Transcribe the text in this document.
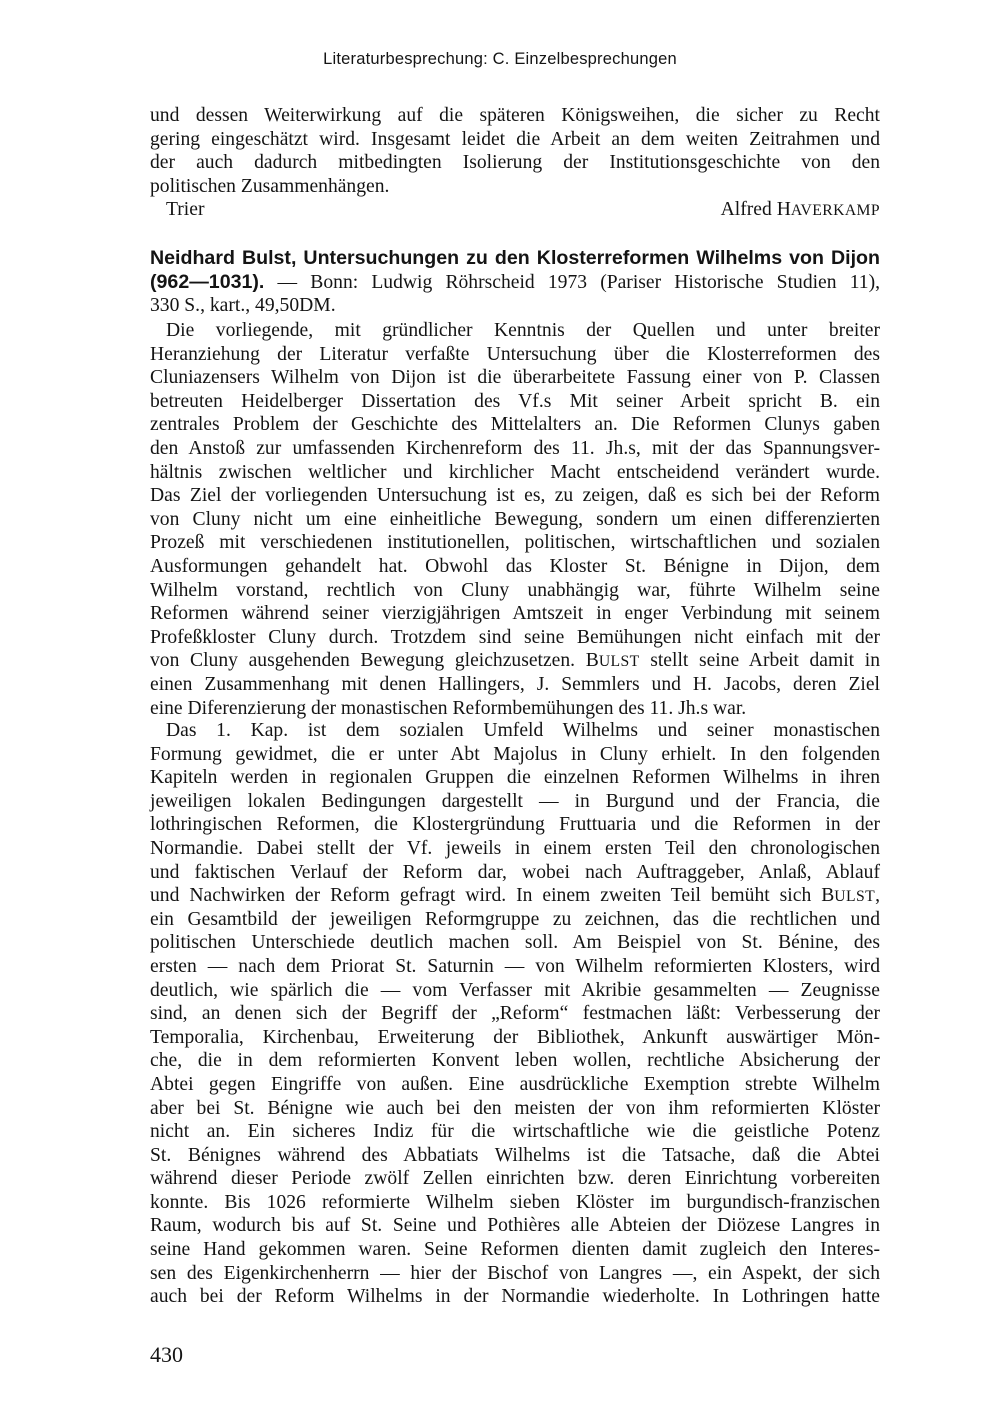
Literaturbesprechung: C. Einzelbesprechungen
und dessen Weiterwirkung auf die späteren Königsweihen, die sicher zu Recht
gering eingeschätzt wird. Insgesamt leidet die Arbeit an dem weiten Zeitrahmen und
der auch dadurch mitbedingten Isolierung der Institutionsgeschichte von den
politischen Zusammenhängen.
Trier	Alfred HAVERKAMP
Neidhard Bulst, Untersuchungen zu den Klosterreformen Wilhelms von Dijon
(962—1031). — Bonn: Ludwig Röhrscheid 1973 (Pariser Historische Studien 11),
330 S., kart., 49,50DM.
Die vorliegende, mit gründlicher Kenntnis der Quellen und unter breiter
Heranziehung der Literatur verfaßte Untersuchung über die Klosterreformen des
Cluniazensers Wilhelm von Dijon ist die überarbeitete Fassung einer von P. Classen
betreuten Heidelberger Dissertation des Vf.s Mit seiner Arbeit spricht B. ein
zentrales Problem der Geschichte des Mittelalters an. Die Reformen Clunys gaben
den Anstoß zur umfassenden Kirchenreform des 11. Jh.s, mit der das Spannungsver-
hältnis zwischen weltlicher und kirchlicher Macht entscheidend verändert wurde.
Das Ziel der vorliegenden Untersuchung ist es, zu zeigen, daß es sich bei der Reform
von Cluny nicht um eine einheitliche Bewegung, sondern um einen differenzierten
Prozeß mit verschiedenen institutionellen, politischen, wirtschaftlichen und sozialen
Ausformungen gehandelt hat. Obwohl das Kloster St. Bénigne in Dijon, dem
Wilhelm vorstand, rechtlich von Cluny unabhängig war, führte Wilhelm seine
Reformen während seiner vierzigjährigen Amtszeit in enger Verbindung mit seinem
Profeßkloster Cluny durch. Trotzdem sind seine Bemühungen nicht einfach mit der
von Cluny ausgehenden Bewegung gleichzusetzen. BULST stellt seine Arbeit damit in
einen Zusammenhang mit denen Hallingers, J. Semmlers und H. Jacobs, deren Ziel
eine Diferenzierung der monastischen Reformbemühungen des 11. Jh.s war.
Das 1. Kap. ist dem sozialen Umfeld Wilhelms und seiner monastischen
Formung gewidmet, die er unter Abt Majolus in Cluny erhielt. In den folgenden
Kapiteln werden in regionalen Gruppen die einzelnen Reformen Wilhelms in ihren
jeweiligen lokalen Bedingungen dargestellt — in Burgund und der Francia, die
lothringischen Reformen, die Klostergründung Fruttuaria und die Reformen in der
Normandie. Dabei stellt der Vf. jeweils in einem ersten Teil den chronologischen
und faktischen Verlauf der Reform dar, wobei nach Auftraggeber, Anlaß, Ablauf
und Nachwirken der Reform gefragt wird. In einem zweiten Teil bemüht sich BULST,
ein Gesamtbild der jeweiligen Reformgruppe zu zeichnen, das die rechtlichen und
politischen Unterschiede deutlich machen soll. Am Beispiel von St. Bénine, des
ersten — nach dem Priorat St. Saturnin — von Wilhelm reformierten Klosters, wird
deutlich, wie spärlich die — vom Verfasser mit Akribie gesammelten — Zeugnisse
sind, an denen sich der Begriff der „Reform“ festmachen läßt: Verbesserung der
Temporalia, Kirchenbau, Erweiterung der Bibliothek, Ankunft auswärtiger Mön-
che, die in dem reformierten Konvent leben wollen, rechtliche Absicherung der
Abtei gegen Eingriffe von außen. Eine ausdrückliche Exemption strebte Wilhelm
aber bei St. Bénigne wie auch bei den meisten der von ihm reformierten Klöster
nicht an. Ein sicheres Indiz für die wirtschaftliche wie die geistliche Potenz
St. Bénignes während des Abbatiats Wilhelms ist die Tatsache, daß die Abtei
während dieser Periode zwölf Zellen einrichten bzw. deren Einrichtung vorbereiten
konnte. Bis 1026 reformierte Wilhelm sieben Klöster im burgundisch-franzischen
Raum, wodurch bis auf St. Seine und Pothières alle Abteien der Diözese Langres in
seine Hand gekommen waren. Seine Reformen dienten damit zugleich den Interes-
sen des Eigenkirchenherrn — hier der Bischof von Langres —, ein Aspekt, der sich
auch bei der Reform Wilhelms in der Normandie wiederholte. In Lothringen hatte
430
